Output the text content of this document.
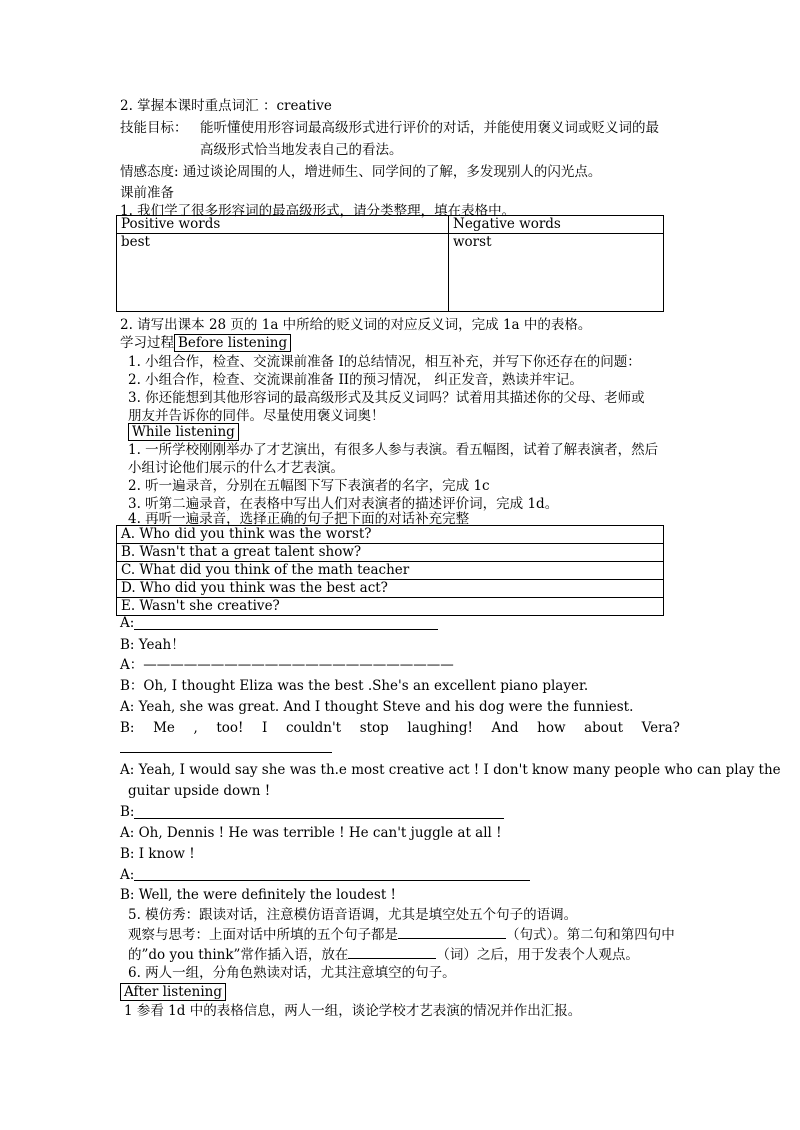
2. 掌握本课时重点词汇 ：creative
技能目标： 能听懂使用形容词最高级形式进行评价的对话，并能使用褒义词或贬义词的最
高级形式恰当地发表自己的看法。
情感态度: 通过谈论周围的人，增进师生、同学间的了解，多发现别人的闪光点。
课前准备
1. 我们学了很多形容词的最高级形式，请分类整理，填在表格中。
Positive words	Negative words
best	worst
2. 请写出课本 28 页的 1a 中所给的贬义词的对应反义词，完成 1a 中的表格。
学习过程 Before listening
1. 小组合作，检查、交流课前准备 I的总结情况，相互补充，并写下你还存在的问题：
2. 小组合作，检查、交流课前准备 II的预习情况， 纠正发音，熟读并牢记。
3. 你还能想到其他形容词的最高级形式及其反义词吗？试着用其描述你的父母、老师或
朋友并告诉你的同伴。尽量使用褒义词奥！
While listening
1. 一所学校刚刚举办了才艺演出，有很多人参与表演。看五幅图，试着了解表演者，然后
小组讨论他们展示的什么才艺表演。
2. 听一遍录音，分别在五幅图下写下表演者的名字，完成 1c
3. 听第二遍录音，在表格中写出人们对表演者的描述评价词，完成 1d。
4. 再听一遍录音，选择正确的句子把下面的对话补充完整
A. Who did you think was the worst?
B. Wasn't that a great talent show?
C. What did you think of the math teacher
D. Who did you think was the best act?
E. Wasn't she creative?
A:
B: Yeah！
A：———————————————————————
B：Oh, I thought Eliza was the best .She's an excellent piano player.
A: Yeah, she was great. And I thought Steve and his dog were the funniest.
B: Me , too! I couldn't stop laughing! And how about Vera?
A: Yeah, I would say she was th.e most creative act ! I don't know many people who can play the
guitar upside down !
B:
A: Oh, Dennis ! He was terrible ! He can't juggle at all !
B: I know !
A:
B: Well, the were definitely the loudest !
5. 模仿秀：跟读对话，注意模仿语音语调，尤其是填空处五个句子的语调。
观察与思考：上面对话中所填的五个句子都是	（句式）。第二句和第四句中
的”do you think”常作插入语，放在	（词）之后，用于发表个人观点。
6. 两人一组，分角色熟读对话，尤其注意填空的句子。
After listening
1 参看 1d 中的表格信息，两人一组，谈论学校才艺表演的情况并作出汇报。
